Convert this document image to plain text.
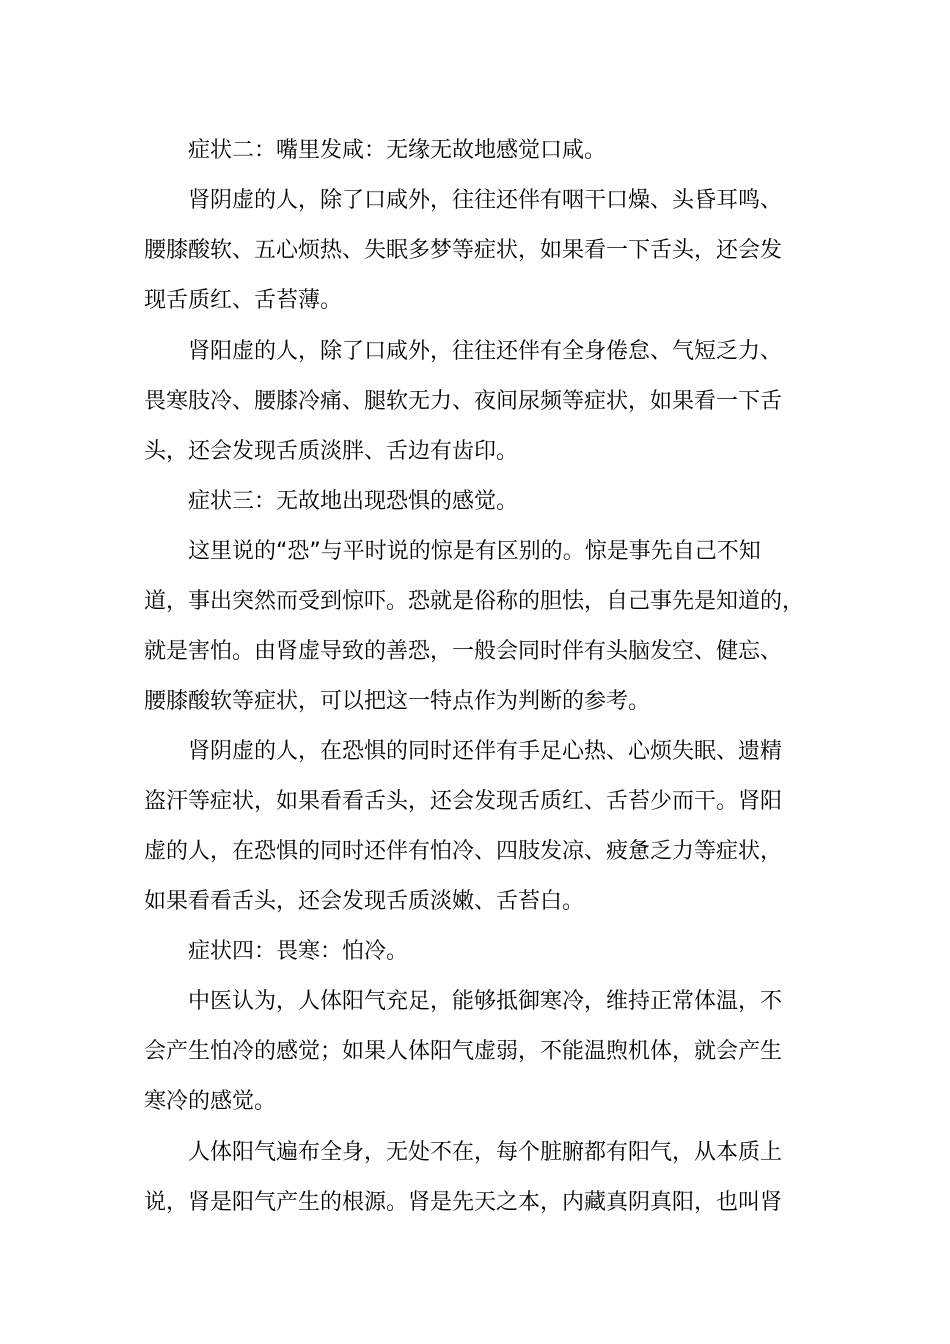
症状二：嘴里发咸：无缘无故地感觉口咸。
肾阴虚的人，除了口咸外，往往还伴有咽干口燥、头昏耳鸣、
腰膝酸软、五心烦热、失眠多梦等症状，如果看一下舌头，还会发
现舌质红、舌苔薄。
肾阳虚的人，除了口咸外，往往还伴有全身倦怠、气短乏力、
畏寒肢冷、腰膝冷痛、腿软无力、夜间尿频等症状，如果看一下舌
头，还会发现舌质淡胖、舌边有齿印。
症状三：无故地出现恐惧的感觉。
这里说的“恐”与平时说的惊是有区别的。惊是事先自己不知
道，事出突然而受到惊吓。恐就是俗称的胆怯，自己事先是知道的，
就是害怕。由肾虚导致的善恐，一般会同时伴有头脑发空、健忘、
腰膝酸软等症状，可以把这一特点作为判断的参考。
肾阴虚的人，在恐惧的同时还伴有手足心热、心烦失眠、遗精
盗汗等症状，如果看看舌头，还会发现舌质红、舌苔少而干。肾阳
虚的人，在恐惧的同时还伴有怕冷、四肢发凉、疲惫乏力等症状，
如果看看舌头，还会发现舌质淡嫩、舌苔白。
症状四：畏寒：怕冷。
中医认为，人体阳气充足，能够抵御寒冷，维持正常体温，不
会产生怕冷的感觉；如果人体阳气虚弱，不能温煦机体，就会产生
寒冷的感觉。
人体阳气遍布全身，无处不在，每个脏腑都有阳气，从本质上
说，肾是阳气产生的根源。肾是先天之本，内藏真阴真阳，也叫肾
